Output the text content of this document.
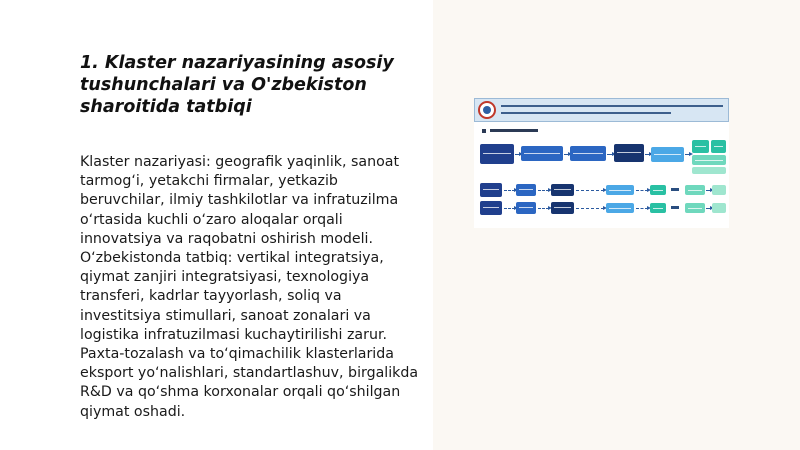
1. Klaster nazariyasining asosiy tushunchalari va O'zbekiston sharoitida tatbiqi

Klaster nazariyasi: geografik yaqinlik, sanoat tarmog‘i, yetakchi firmalar, yetkazib beruvchilar, ilmiy tashkilotlar va infratuzilma o‘rtasida kuchli o‘zaro aloqalar orqali innovatsiya va raqobatni oshirish modeli. O‘zbekistonda tatbiq: vertikal integratsiya, qiymat zanjiri integratsiyasi, texnologiya transferi, kadrlar tayyorlash, soliq va investitsiya stimullari, sanoat zonalari va logistika infratuzilmasi kuchaytirilishi zarur. Paxta-tozalash va to‘qimachilik klasterlarida eksport yo‘nalishlari, standartlashuv, birgalikda R&D va qo‘shma korxonalar orqali qo‘shilgan qiymat oshadi.
